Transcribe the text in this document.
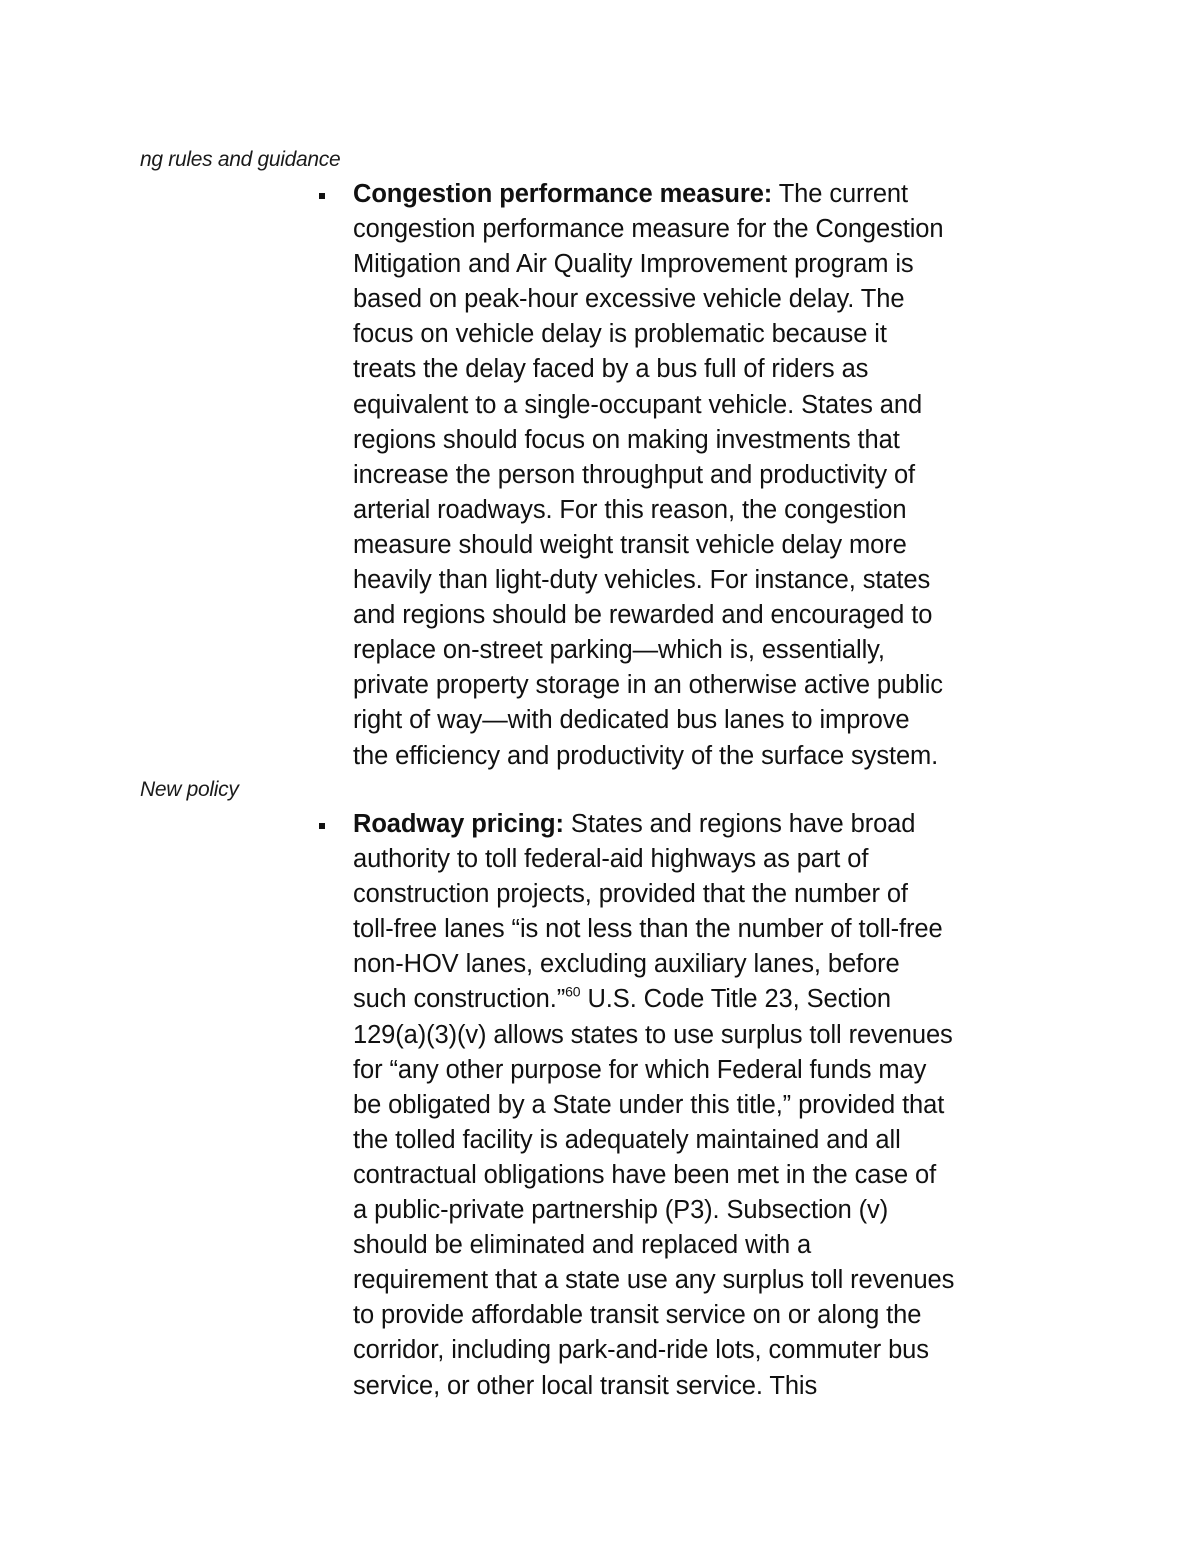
ng rules and guidance
New policy
Congestion performance measure: The current
congestion performance measure for the Congestion
Mitigation and Air Quality Improvement program is
based on peak-hour excessive vehicle delay. The
focus on vehicle delay is problematic because it
treats the delay faced by a bus full of riders as
equivalent to a single-occupant vehicle. States and
regions should focus on making investments that
increase the person throughput and productivity of
arterial roadways. For this reason, the congestion
measure should weight transit vehicle delay more
heavily than light-duty vehicles. For instance, states
and regions should be rewarded and encouraged to
replace on-street parking—which is, essentially,
private property storage in an otherwise active public
right of way—with dedicated bus lanes to improve
the efficiency and productivity of the surface system.
Roadway pricing: States and regions have broad
authority to toll federal-aid highways as part of
construction projects, provided that the number of
toll-free lanes “is not less than the number of toll-free
non-HOV lanes, excluding auxiliary lanes, before
such construction.”$^{60}$ U.S. Code Title 23, Section
129(a)(3)(v) allows states to use surplus toll revenues
for “any other purpose for which Federal funds may
be obligated by a State under this title,” provided that
the tolled facility is adequately maintained and all
contractual obligations have been met in the case of
a public-private partnership (P3). Subsection (v)
should be eliminated and replaced with a
requirement that a state use any surplus toll revenues
to provide affordable transit service on or along the
corridor, including park-and-ride lots, commuter bus
service, or other local transit service. This
